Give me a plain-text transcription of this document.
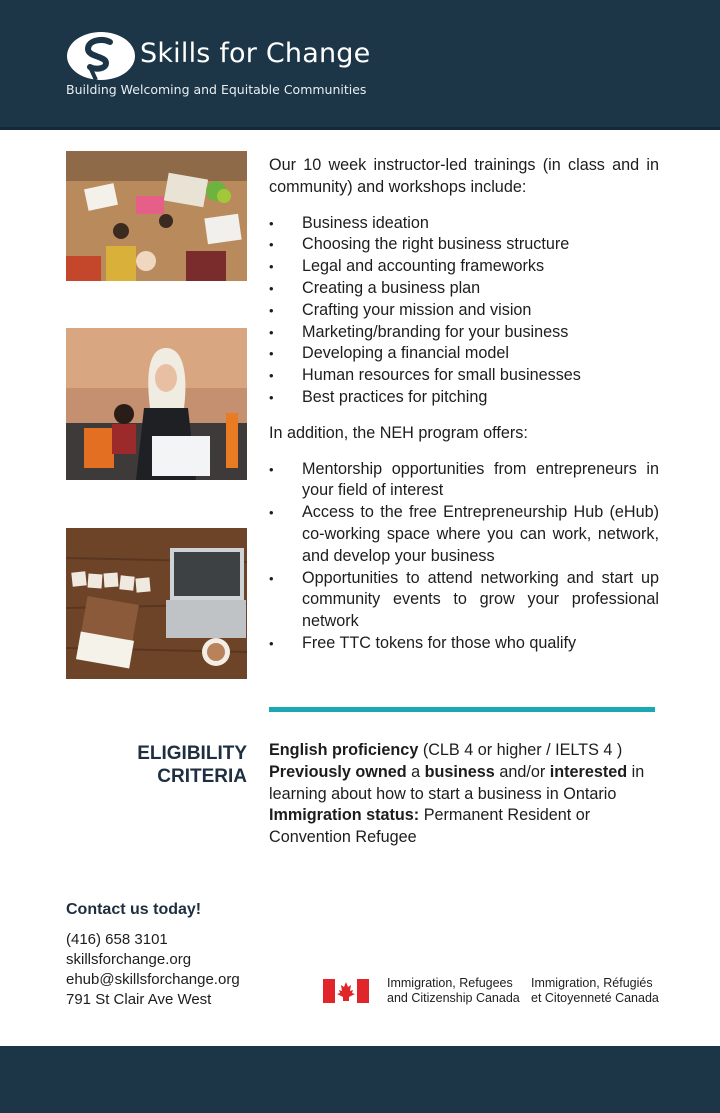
Skills for Change
Building Welcoming and Equitable Communities

Our 10 week instructor-led trainings (in class and in community) and workshops include:

• Business ideation
• Choosing the right business structure
• Legal and accounting frameworks
• Creating a business plan
• Crafting your mission and vision
• Marketing/branding for your business
• Developing a financial model
• Human resources for small businesses
• Best practices for pitching

In addition, the NEH program offers:

• Mentorship opportunities from entrepreneurs in your field of interest
• Access to the free Entrepreneurship Hub (eHub) co-working space where you can work, network, and develop your business
• Opportunities to attend networking and start up community events to grow your professional network
• Free TTC tokens for those who qualify
ELIGIBILITY
CRITERIA
English proficiency (CLB 4 or higher / IELTS 4 )
Previously owned a business and/or interested in learning about how to start a business in Ontario
Immigration status: Permanent Resident or Convention Refugee
Contact us today!
(416) 658 3101
skillsforchange.org
ehub@skillsforchange.org
791 St Clair Ave West
Immigration, Refugees
and Citizenship Canada
Immigration, Réfugiés
et Citoyenneté Canada
